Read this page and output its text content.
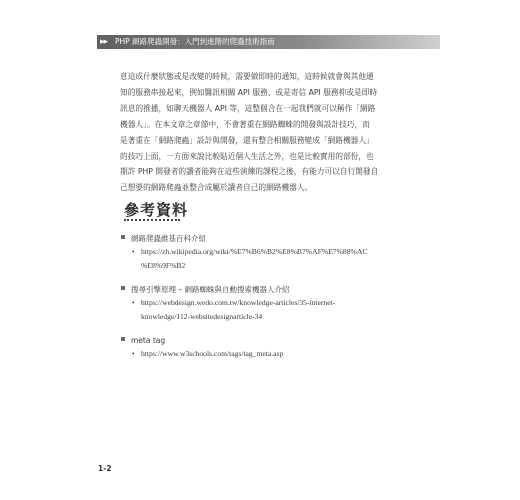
▸▸ PHP 網路爬蟲開發：入門到進階的爬蟲技術指南

息這成什麼狀態或是改變的時候，需要做即時的通知，這時候就會與其他通

知的服務串接起來，例如醫訊相關 API 服務、或是寄信 API 服務抑或是即時

訊息的推播，如聊天機器人 API 等，這整個合在一起我們就可以稱作「網路

機器人」。在本文章之章節中，不會著重在網路蜘蛛的開發與設計技巧，而

是著重在「網路爬蟲」設計與開發，還有整合相關服務變成「網路機器人」

的技巧上面，一方面來說比較貼近個人生活之外，也是比較實用的部份，也

期許 PHP 開發者的讀者能夠在這些演練的課程之後，有能力可以自行開發自

己想要的網路爬蟲並整合成屬於讀者自己的網路機器人。

參考資料
網路爬蟲維基百科介紹
• https://zh.wikipedia.org/wiki/%E7%B6%B2%E8%B7%AF%E7%88%AC
%E8%9F%B2
搜尋引擎原理 – 網路蜘蛛與自動搜索機器人介紹
• https://webdesign.wedo.com.tw/knowledge-articles/35-internet-
knowledge/112-websitedesignarticle-34
meta tag
• https://www.w3schools.com/tags/tag_meta.asp
1-2
